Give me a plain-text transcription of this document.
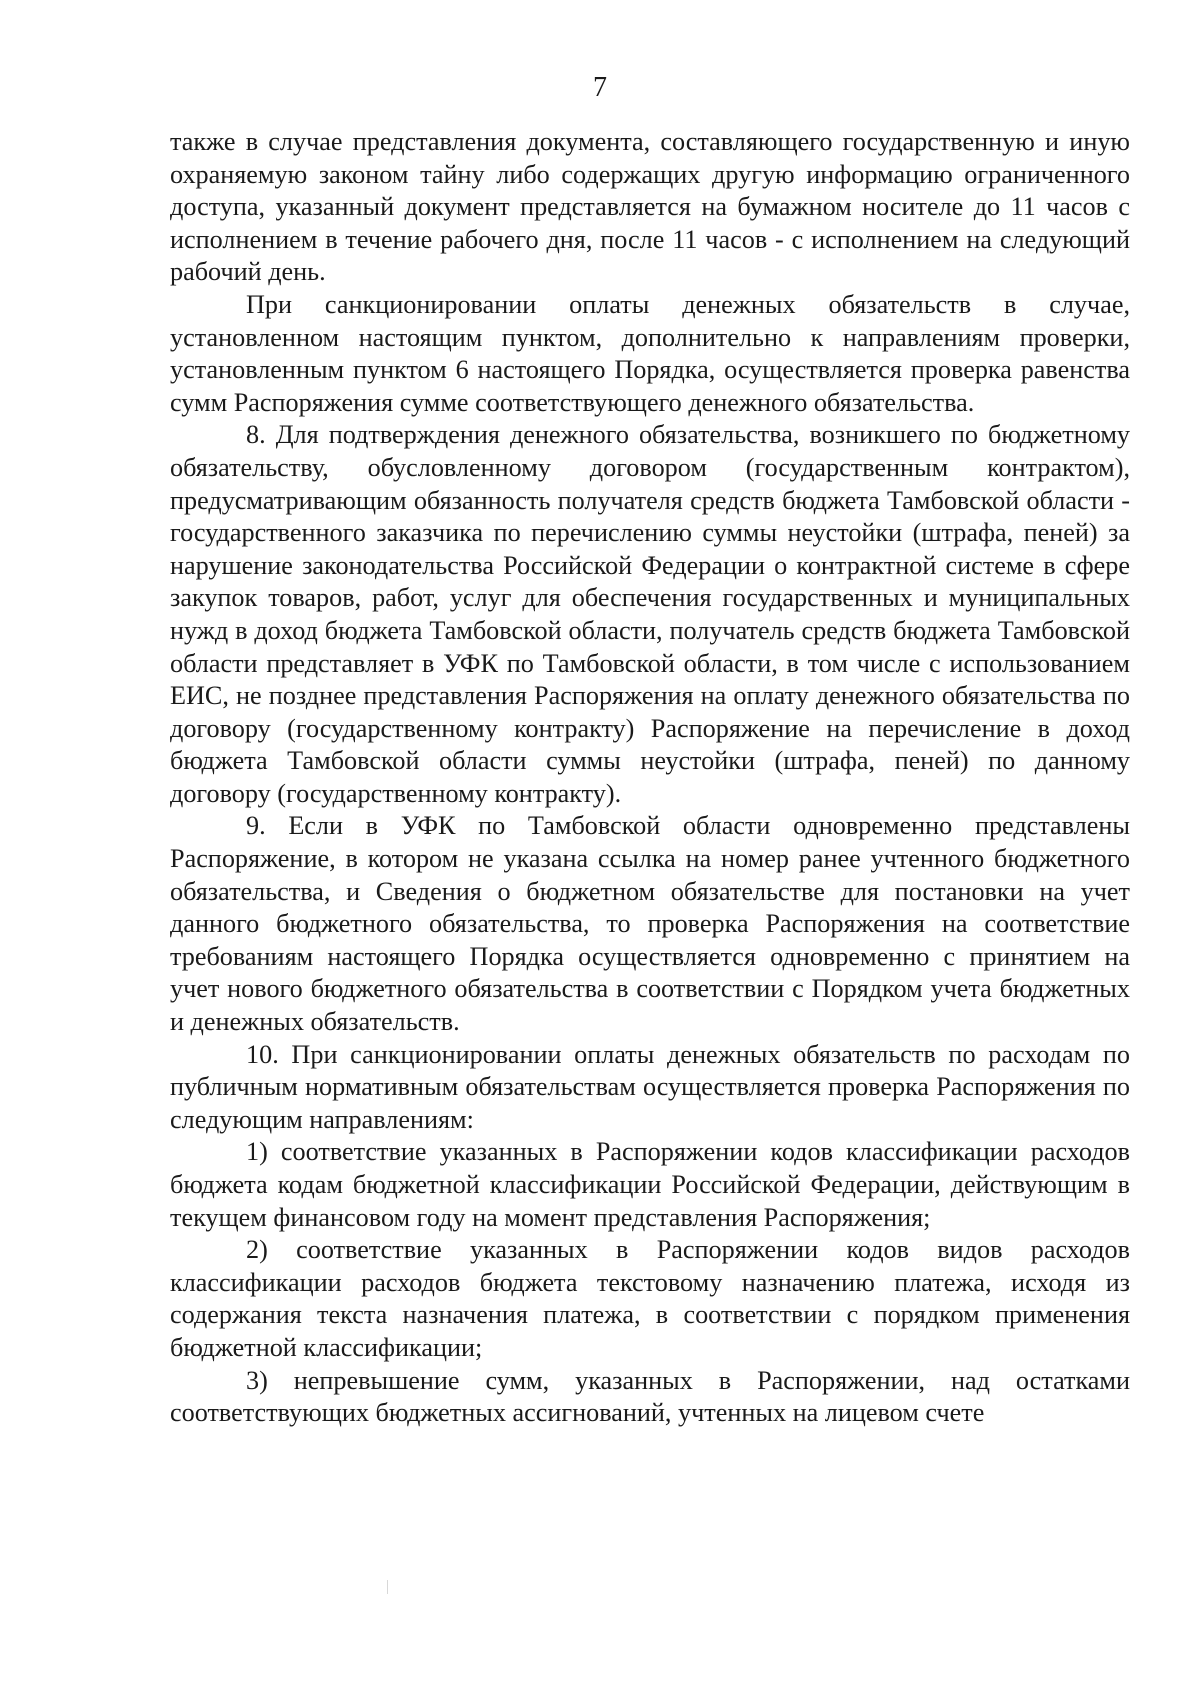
7

также в случае представления документа, составляющего государственную и иную охраняемую законом тайну либо содержащих другую информацию ограниченного доступа, указанный документ представляется на бумажном носителе до 11 часов с исполнением в течение рабочего дня, после 11 часов - с исполнением на следующий рабочий день.

При санкционировании оплаты денежных обязательств в случае, установленном настоящим пунктом, дополнительно к направлениям проверки, установленным пунктом 6 настоящего Порядка, осуществляется проверка равенства сумм Распоряжения сумме соответствующего денежного обязательства.

8. Для подтверждения денежного обязательства, возникшего по бюджетному обязательству, обусловленному договором (государственным контрактом), предусматривающим обязанность получателя средств бюджета Тамбовской области - государственного заказчика по перечислению суммы неустойки (штрафа, пеней) за нарушение законодательства Российской Федерации о контрактной системе в сфере закупок товаров, работ, услуг для обеспечения государственных и муниципальных нужд в доход бюджета Тамбовской области, получатель средств бюджета Тамбовской области представляет в УФК по Тамбовской области, в том числе с использованием ЕИС, не позднее представления Распоряжения на оплату денежного обязательства по договору (государственному контракту) Распоряжение на перечисление в доход бюджета Тамбовской области суммы неустойки (штрафа, пеней) по данному договору (государственному контракту).

9. Если в УФК по Тамбовской области одновременно представлены Распоряжение, в котором не указана ссылка на номер ранее учтенного бюджетного обязательства, и Сведения о бюджетном обязательстве для постановки на учет данного бюджетного обязательства, то проверка Распоряжения на соответствие требованиям настоящего Порядка осуществляется одновременно с принятием на учет нового бюджетного обязательства в соответствии с Порядком учета бюджетных и денежных обязательств.

10. При санкционировании оплаты денежных обязательств по расходам по публичным нормативным обязательствам осуществляется проверка Распоряжения по следующим направлениям:

1) соответствие указанных в Распоряжении кодов классификации расходов бюджета кодам бюджетной классификации Российской Федерации, действующим в текущем финансовом году на момент представления Распоряжения;

2) соответствие указанных в Распоряжении кодов видов расходов классификации расходов бюджета текстовому назначению платежа, исходя из содержания текста назначения платежа, в соответствии с порядком применения бюджетной классификации;

3) непревышение сумм, указанных в Распоряжении, над остатками соответствующих бюджетных ассигнований, учтенных на лицевом счете
